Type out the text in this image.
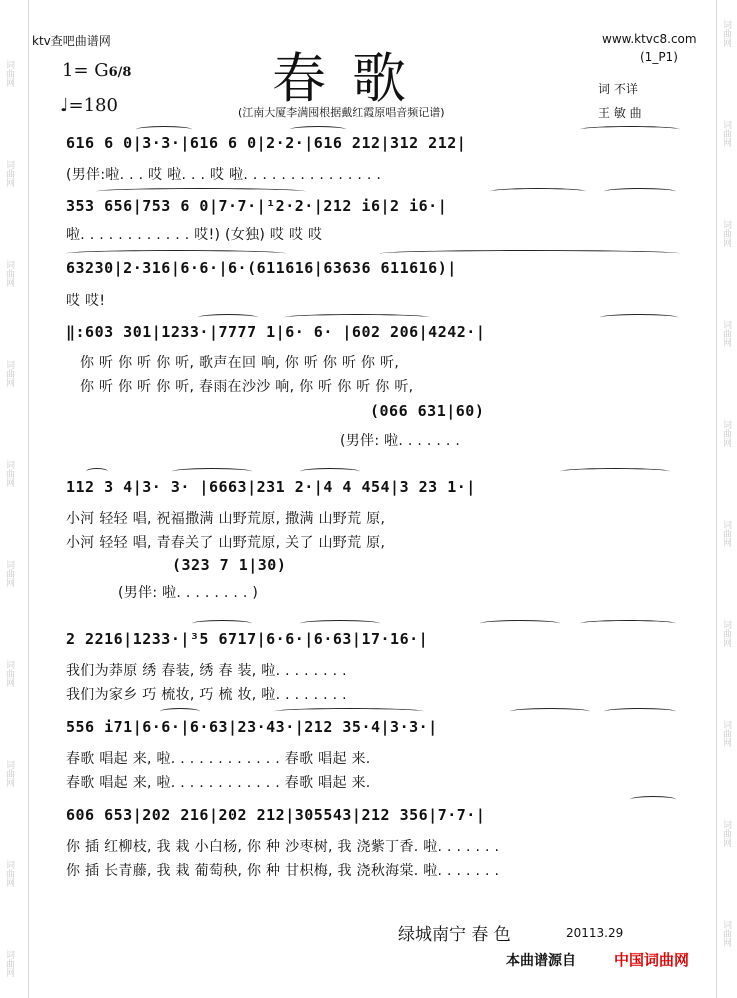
词曲网
词曲网
词曲网
词曲网
词曲网
词曲网
词曲网
词曲网
词曲网
词曲网
词曲网
词曲网
词曲网
词曲网
词曲网
词曲网
词曲网
词曲网
词曲网
词曲网
ktv查吧曲谱网	www.ktvc8.com
(1_P1)
春歌
1= G6/8
♩=180	(江南大厦李满囤根据戴红霞原唱音频记谱)
词 不详
王 敏 曲
616 6 0|3·3·|616 6 0|2·2·|616 212|312 212|
(男伴:啦. . . 哎 啦. . . 哎 啦. . . . . . . . . . . . . . .
353 656|753 6 0|7·7·|¹2·2·|212 i6|2 i6·|
啦. . . . . . . . . . . . 哎!) (女独) 哎 哎 哎
63230|2·316|6·6·|6·(611616|63636 611616)|
哎 哎!
‖:603 301|1233·|7777 1|6· 6· |602 206|4242·|
你 听 你 听 你 听, 歌声在回 响, 你 听 你 听 你 听,
你 听 你 听 你 听, 春雨在沙沙 响, 你 听 你 听 你 听,
(066 631|60)
(男伴: 啦. . . . . . .
112 3 4|3· 3· |6663|231 2·|4 4 454|3 23 1·|
小河 轻轻 唱, 祝福撒满 山野荒原, 撒满 山野荒 原,
小河 轻轻 唱, 青春关了 山野荒原, 关了 山野荒 原,
(323 7 1|30)
(男伴: 啦. . . . . . . . )
2 2216|1233·|³5 6717|6·6·|6·63|17·16·|
我们为莽原 绣 春装, 绣 春 装, 啦. . . . . . . .
我们为家乡 巧 梳妆, 巧 梳 妆, 啦. . . . . . . .
556 i71|6·6·|6·63|23·43·|212 35·4|3·3·|
春歌 唱起 来, 啦. . . . . . . . . . . . 春歌 唱起 来.
春歌 唱起 来, 啦. . . . . . . . . . . . 春歌 唱起 来.
606 653|202 216|202 212|305543|212 356|7·7·|
你 插 红柳枝, 我 栽 小白杨, 你 种 沙枣树, 我 浇紫丁香. 啦. . . . . . .
你 插 长青藤, 我 栽 葡萄秧, 你 种 甘枳梅, 我 浇秋海棠. 啦. . . . . . .
绿城南宁 春 色	20113.29
本曲谱源自	中国词曲网
